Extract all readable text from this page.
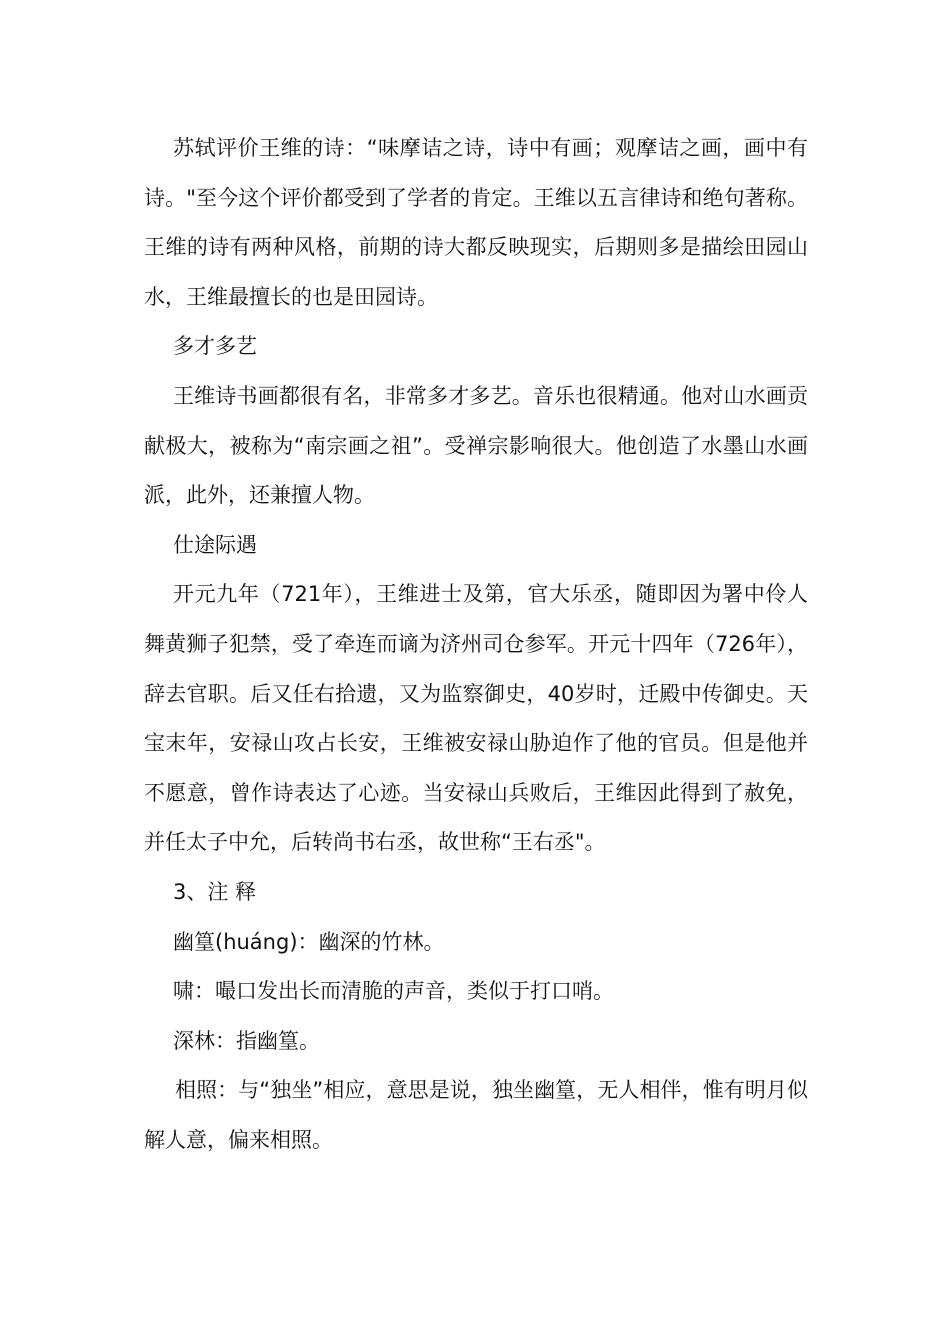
苏轼评价王维的诗：“味摩诘之诗，诗中有画；观摩诘之画，画中有诗。"至今这个评价都受到了学者的肯定。王维以五言律诗和绝句著称。王维的诗有两种风格，前期的诗大都反映现实，后期则多是描绘田园山水，王维最擅长的也是田园诗。

多才多艺

王维诗书画都很有名，非常多才多艺。音乐也很精通。他对山水画贡献极大，被称为“南宗画之祖”。受禅宗影响很大。他创造了水墨山水画派，此外，还兼擅人物。

仕途际遇

开元九年（721年），王维进士及第，官大乐丞，随即因为署中伶人舞黄狮子犯禁，受了牵连而谪为济州司仓参军。开元十四年（726年），辞去官职。后又任右拾遗，又为监察御史，40岁时，迁殿中传御史。天宝末年，安禄山攻占长安，王维被安禄山胁迫作了他的官员。但是他并不愿意，曾作诗表达了心迹。当安禄山兵败后，王维因此得到了赦免，并任太子中允，后转尚书右丞，故世称“王右丞"。

3、注 释

幽篁(huáng)：幽深的竹林。

啸：嘬口发出长而清脆的声音，类似于打口哨。

深林：指幽篁。

相照：与“独坐”相应，意思是说，独坐幽篁，无人相伴，惟有明月似解人意，偏来相照。
